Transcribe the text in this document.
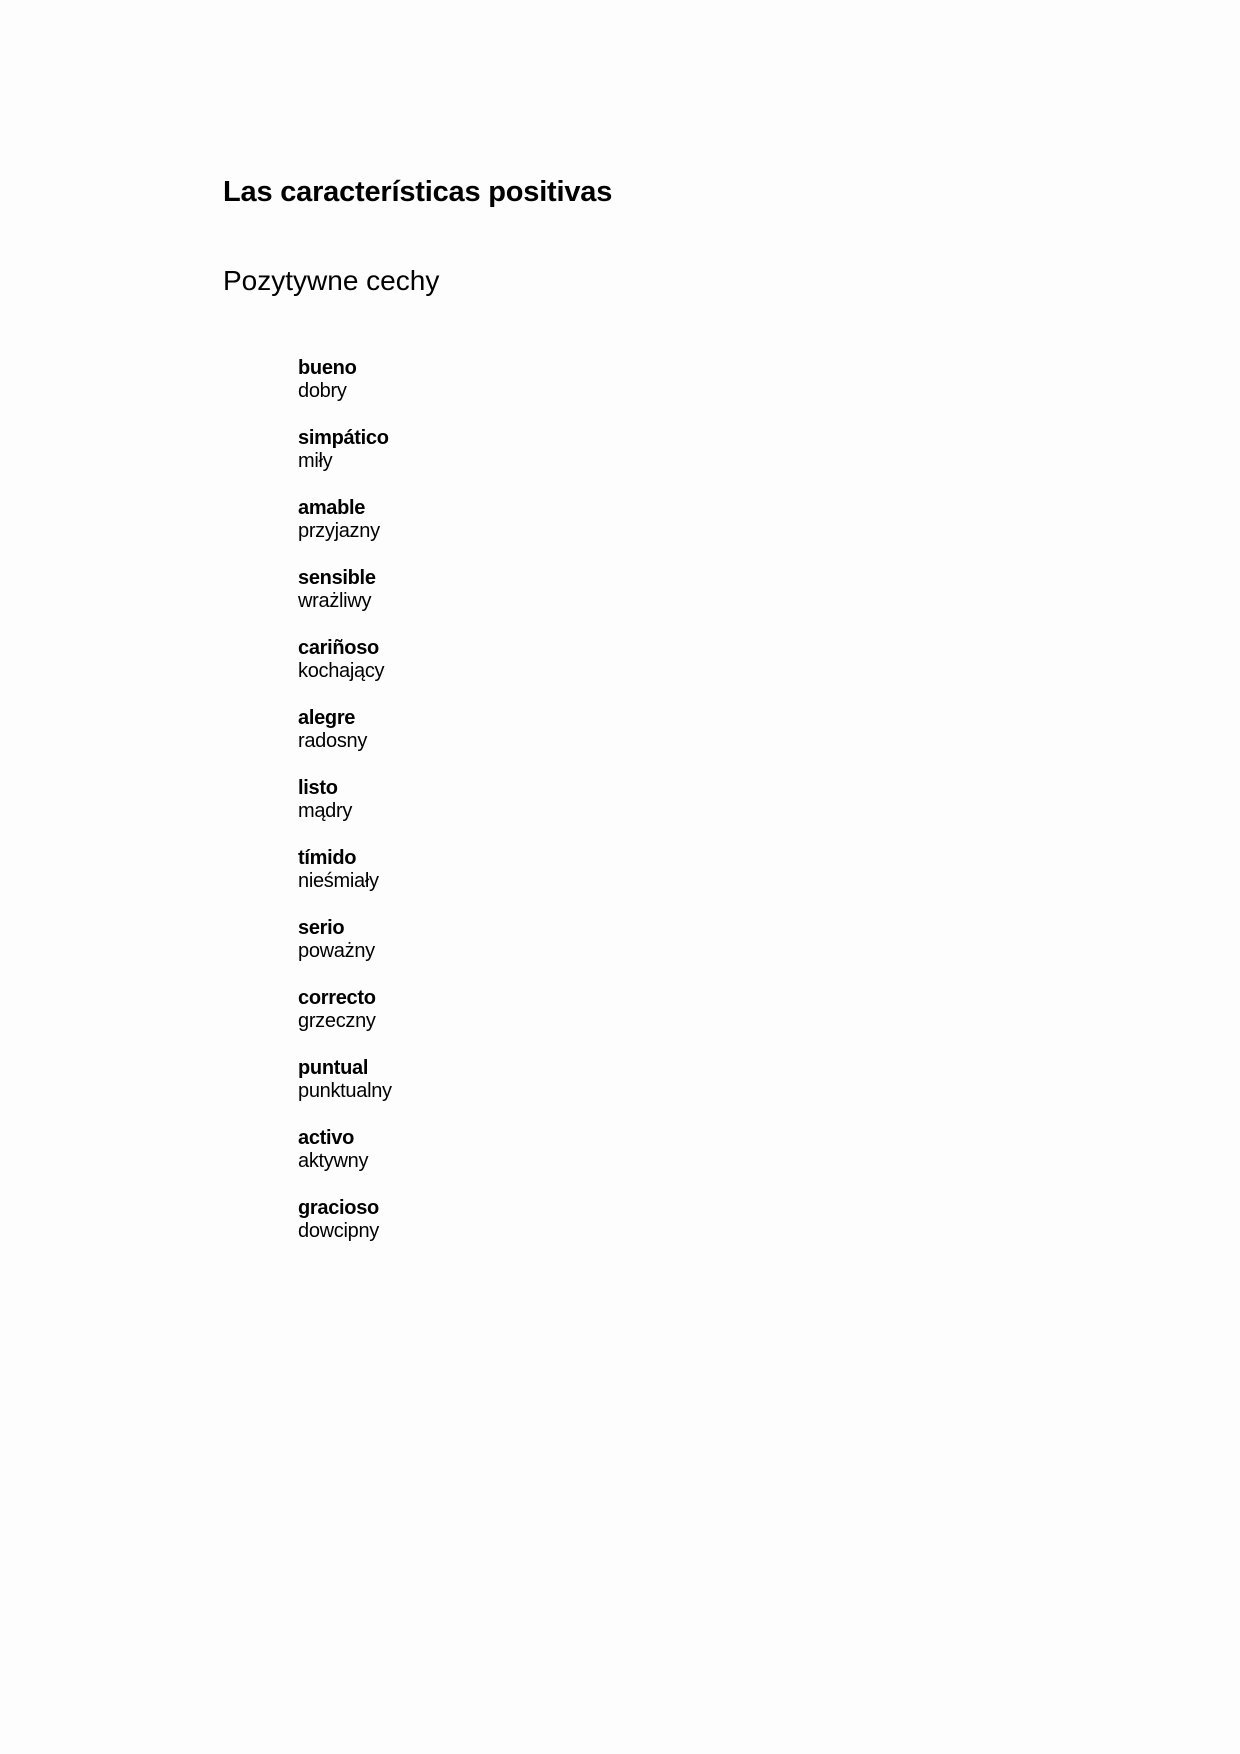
Las características positivas
Pozytywne cechy
bueno
dobry
simpático
miły
amable
przyjazny
sensible
wrażliwy
cariñoso
kochający
alegre
radosny
listo
mądry
tímido
nieśmiały
serio
poważny
correcto
grzeczny
puntual
punktualny
activo
aktywny
gracioso
dowcipny
